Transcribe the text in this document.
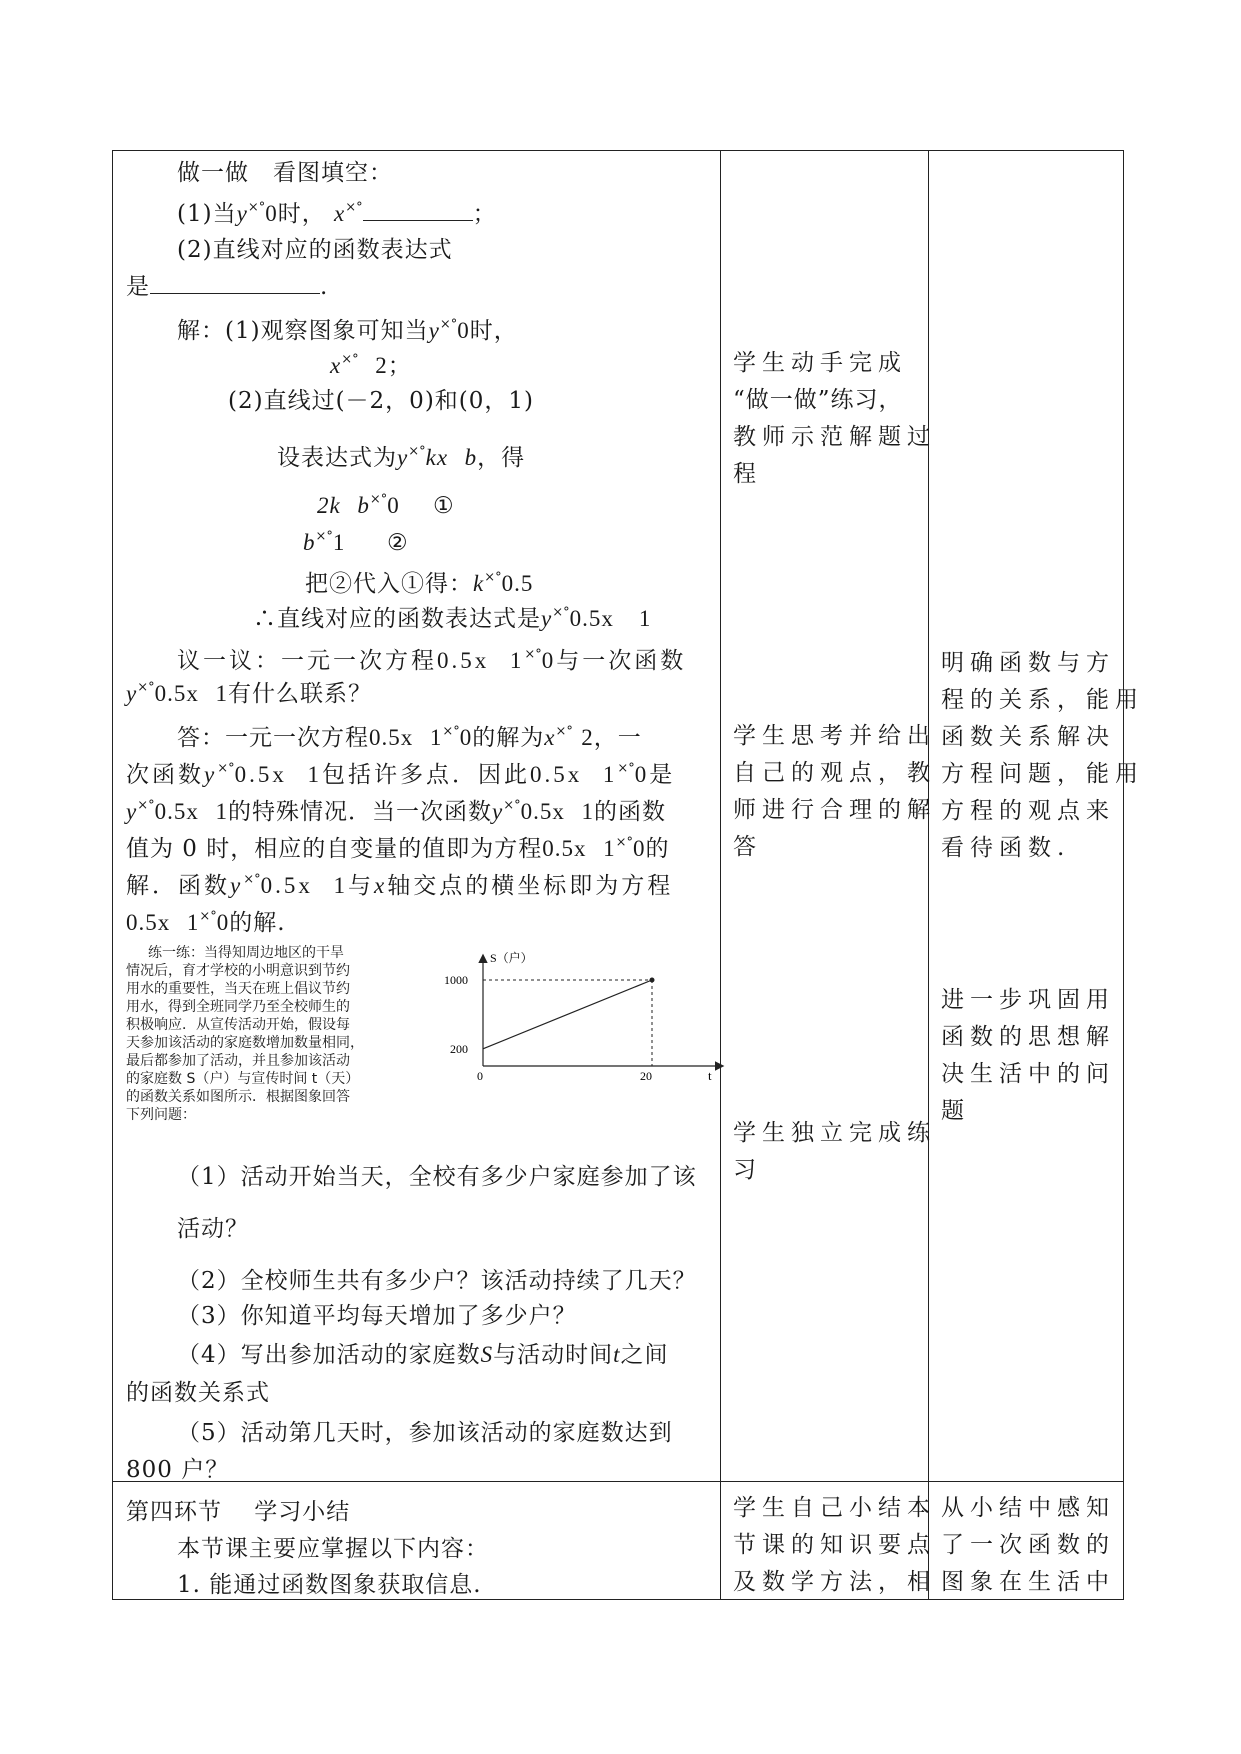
做一做　看图填空：
(1)当y×°0时， x×°	；
(2)直线对应的函数表达式
是	.
解：(1)观察图象可知当y×°0时，
x×° 2；
(2)直线过(－2，0)和(0，1)
设表达式为y×°kx b，得
2k b×°0 ①
b×°1 ②
把②代入①得：k×°0.5
∴直线对应的函数表达式是y×°0.5x 1
议一议：一元一次方程0.5x 1×°0与一次函数
y×°0.5x 1有什么联系？
答：一元一次方程0.5x 1×°0的解为x×° 2，一
次函数y×°0.5x 1包括许多点．因此0.5x 1×°0是
y×°0.5x 1的特殊情况．当一次函数y×°0.5x 1的函数
值为 0 时，相应的自变量的值即为方程0.5x 1×°0的
解．函数y×°0.5x 1与x轴交点的横坐标即为方程
0.5x 1×°0的解.
练一练：当得知周边地区的干旱
情况后，育才学校的小明意识到节约
用水的重要性，当天在班上倡议节约
用水，得到全班同学乃至全校师生的
积极响应．从宣传活动开始，假设每
天参加该活动的家庭数增加数量相同，
最后都参加了活动，并且参加该活动
的家庭数 S（户）与宣传时间 t（天）
的函数关系如图所示．根据图象回答
下列问题：
S（户）
t
0
1000
200
20
（1）活动开始当天，全校有多少户家庭参加了该
活动？
（2）全校师生共有多少户？该活动持续了几天？
（3）你知道平均每天增加了多少户？
（4）写出参加活动的家庭数S与活动时间t之间
的函数关系式
（5）活动第几天时，参加该活动的家庭数达到
800 户？
第四环节　 学习小结
本节课主要应掌握以下内容：
1. 能通过函数图象获取信息.
学生动手完成
“做一做”练习，
教师示范解题过
程
学生思考并给出
自己的观点，教
师进行合理的解
答
学生独立完成练
习
学生自己小结本
节课的知识要点
及数学方法，相
明确函数与方
程的关系，能用
函数关系解决
方程问题，能用
方程的观点来
看待函数.
进一步巩固用
函数的思想解
决生活中的问
题
从小结中感知
了一次函数的
图象在生活中
